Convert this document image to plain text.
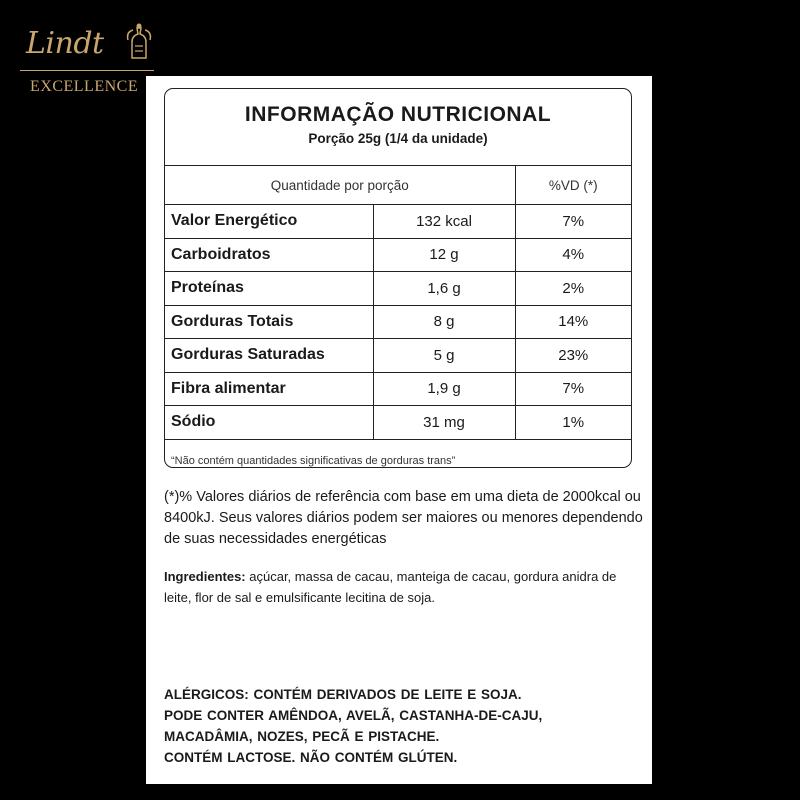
Lindt
EXCELLENCE
INFORMAÇÃO NUTRICIONAL
Porção 25g (1/4 da unidade)
Quantidade por porção		%VD (*)
Valor Energético	132 kcal	7%
Carboidratos	12 g	4%
Proteínas	1,6 g	2%
Gorduras Totais	8 g	14%
Gorduras Saturadas	5 g	23%
Fibra alimentar	1,9 g	7%
Sódio	31 mg	1%
“Não contém quantidades significativas de gorduras trans”		
(*)% Valores diários de referência com base em uma dieta de 2000kcal ou 8400kJ. Seus valores diários podem ser maiores ou menores dependendo de suas necessidades energéticas
Ingredientes: açúcar, massa de cacau, manteiga de cacau, gordura anidra de leite, flor de sal e emulsificante lecitina de soja.
ALÉRGICOS: CONTÉM DERIVADOS DE LEITE E SOJA.
PODE CONTER AMÊNDOA, AVELÃ, CASTANHA-DE-CAJU,
MACADÂMIA, NOZES, PECÃ E PISTACHE.
CONTÉM LACTOSE. NÃO CONTÉM GLÚTEN.
